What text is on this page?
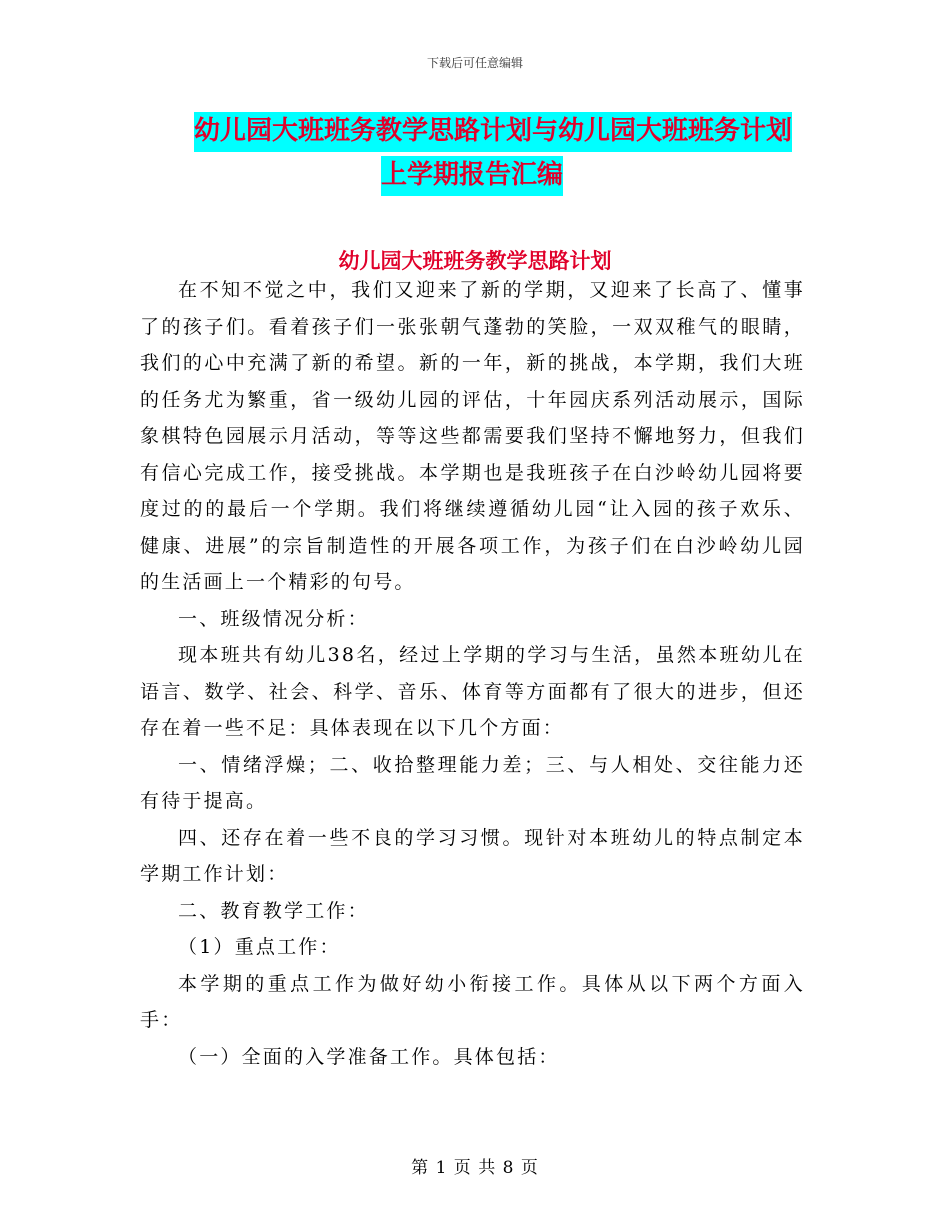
下载后可任意编辑
幼儿园大班班务教学思路计划与幼儿园大班班务计划
上学期报告汇编
幼儿园大班班务教学思路计划

在不知不觉之中，我们又迎来了新的学期，又迎来了长高了、懂事了的孩子们。看着孩子们一张张朝气蓬勃的笑脸，一双双稚气的眼睛，我们的心中充满了新的希望。新的一年，新的挑战，本学期，我们大班的任务尤为繁重，省一级幼儿园的评估，十年园庆系列活动展示，国际象棋特色园展示月活动，等等这些都需要我们坚持不懈地努力，但我们有信心完成工作，接受挑战。本学期也是我班孩子在白沙岭幼儿园将要度过的的最后一个学期。我们将继续遵循幼儿园“让入园的孩子欢乐、健康、进展”的宗旨制造性的开展各项工作，为孩子们在白沙岭幼儿园的生活画上一个精彩的句号。

一、班级情况分析：

现本班共有幼儿38名，经过上学期的学习与生活，虽然本班幼儿在语言、数学、社会、科学、音乐、体育等方面都有了很大的进步，但还存在着一些不足：具体表现在以下几个方面：

一、情绪浮燥；二、收拾整理能力差；三、与人相处、交往能力还有待于提高。

四、还存在着一些不良的学习习惯。现针对本班幼儿的特点制定本学期工作计划：

二、教育教学工作：

（1）重点工作：

本学期的重点工作为做好幼小衔接工作。具体从以下两个方面入手：

（一）全面的入学准备工作。具体包括：

第 1 页 共 8 页
